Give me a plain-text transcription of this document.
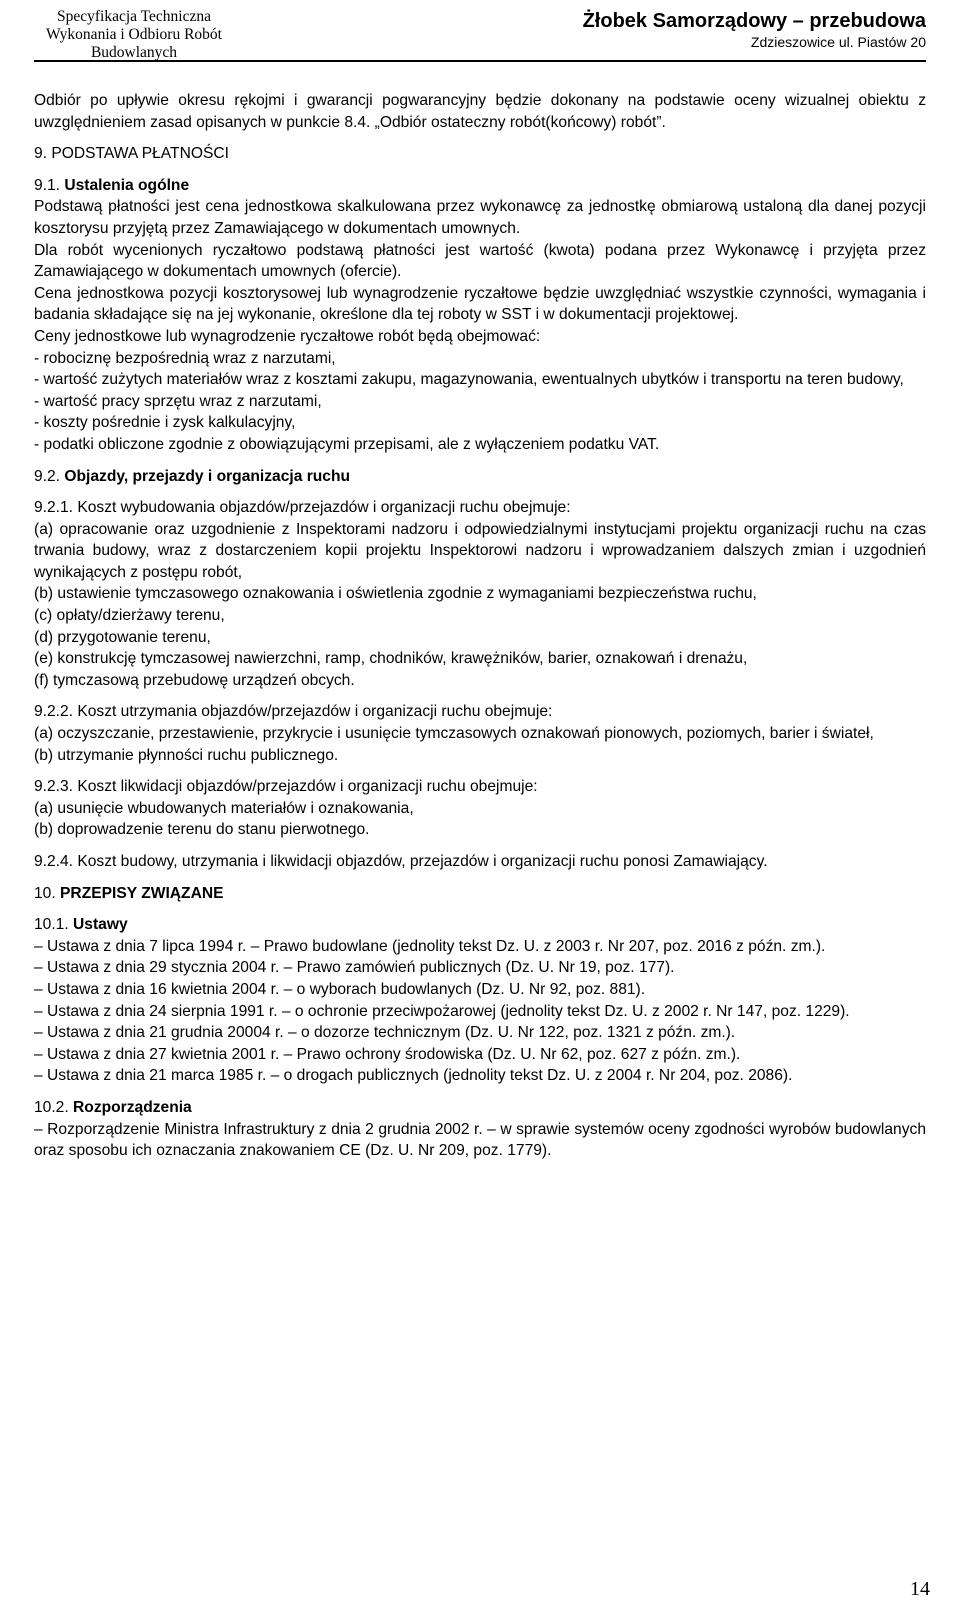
Specyfikacja Techniczna
Wykonania i Odbioru Robót
Budowlanych
Żłobek Samorządowy – przebudowa
Zdzieszowice ul. Piastów 20

Odbiór po upływie okresu rękojmi i gwarancji pogwarancyjny będzie dokonany na podstawie oceny wizualnej obiektu z uwzględnieniem zasad opisanych w punkcie 8.4. „Odbiór ostateczny robót(końcowy) robót”.

9. PODSTAWA PŁATNOŚCI

9.1. Ustalenia ogólne

Podstawą płatności jest cena jednostkowa skalkulowana przez wykonawcę za jednostkę obmiarową ustaloną dla danej pozycji kosztorysu przyjętą przez Zamawiającego w dokumentach umownych.

Dla robót wycenionych ryczałtowo podstawą płatności jest wartość (kwota) podana przez Wykonawcę i przyjęta przez Zamawiającego w dokumentach umownych (ofercie).

Cena jednostkowa pozycji kosztorysowej lub wynagrodzenie ryczałtowe będzie uwzględniać wszystkie czynności, wymagania i badania składające się na jej wykonanie, określone dla tej roboty w SST i w dokumentacji projektowej.

Ceny jednostkowe lub wynagrodzenie ryczałtowe robót będą obejmować:

- robociznę bezpośrednią wraz z narzutami,

- wartość zużytych materiałów wraz z kosztami zakupu, magazynowania, ewentualnych ubytków i transportu na teren budowy,

- wartość pracy sprzętu wraz z narzutami,

- koszty pośrednie i zysk kalkulacyjny,

- podatki obliczone zgodnie z obowiązującymi przepisami, ale z wyłączeniem podatku VAT.

9.2. Objazdy, przejazdy i organizacja ruchu

9.2.1. Koszt wybudowania objazdów/przejazdów i organizacji ruchu obejmuje:

(a) opracowanie oraz uzgodnienie z Inspektorami nadzoru i odpowiedzialnymi instytucjami projektu organizacji ruchu na czas trwania budowy, wraz z dostarczeniem kopii projektu Inspektorowi nadzoru i wprowadzaniem dalszych zmian i uzgodnień wynikających z postępu robót,

(b) ustawienie tymczasowego oznakowania i oświetlenia zgodnie z wymaganiami bezpieczeństwa ruchu,

(c) opłaty/dzierżawy terenu,

(d) przygotowanie terenu,

(e) konstrukcję tymczasowej nawierzchni, ramp, chodników, krawężników, barier, oznakowań i drenażu,

(f) tymczasową przebudowę urządzeń obcych.

9.2.2. Koszt utrzymania objazdów/przejazdów i organizacji ruchu obejmuje:

(a) oczyszczanie, przestawienie, przykrycie i usunięcie tymczasowych oznakowań pionowych, poziomych, barier i świateł,

(b) utrzymanie płynności ruchu publicznego.

9.2.3. Koszt likwidacji objazdów/przejazdów i organizacji ruchu obejmuje:

(a) usunięcie wbudowanych materiałów i oznakowania,

(b) doprowadzenie terenu do stanu pierwotnego.

9.2.4. Koszt budowy, utrzymania i likwidacji objazdów, przejazdów i organizacji ruchu ponosi Zamawiający.

10. PRZEPISY ZWIĄZANE

10.1. Ustawy

– Ustawa z dnia 7 lipca 1994 r. – Prawo budowlane (jednolity tekst Dz. U. z 2003 r. Nr 207, poz. 2016 z późn. zm.).

– Ustawa z dnia 29 stycznia 2004 r. – Prawo zamówień publicznych (Dz. U. Nr 19, poz. 177).

– Ustawa z dnia 16 kwietnia 2004 r. – o wyborach budowlanych (Dz. U. Nr 92, poz. 881).

– Ustawa z dnia 24 sierpnia 1991 r. – o ochronie przeciwpożarowej (jednolity tekst Dz. U. z 2002 r. Nr 147, poz. 1229).

– Ustawa z dnia 21 grudnia 20004 r. – o dozorze technicznym (Dz. U. Nr 122, poz. 1321 z późn. zm.).

– Ustawa z dnia 27 kwietnia 2001 r. – Prawo ochrony środowiska (Dz. U. Nr 62, poz. 627 z późn. zm.).

– Ustawa z dnia 21 marca 1985 r. – o drogach publicznych (jednolity tekst Dz. U. z 2004 r. Nr 204, poz. 2086).

10.2. Rozporządzenia

– Rozporządzenie Ministra Infrastruktury z dnia 2 grudnia 2002 r. – w sprawie systemów oceny zgodności wyrobów budowlanych oraz sposobu ich oznaczania znakowaniem CE (Dz. U. Nr 209, poz. 1779).

14
